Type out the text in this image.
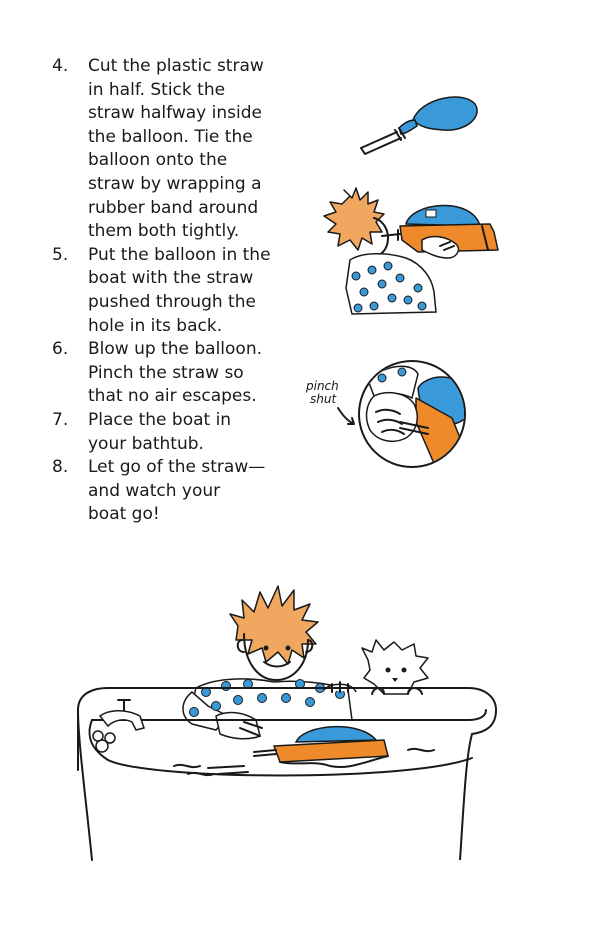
4.	Cut the plastic straw
in half. Stick the
straw halfway inside
the balloon. Tie the
balloon onto the
straw by wrapping a
rubber band around
them both tightly.
5.	Put the balloon in the
boat with the straw
pushed through the
hole in its back.
6.	Blow up the balloon.
Pinch the straw so
that no air escapes.
7.	Place the boat in
your bathtub.
8.	Let go of the straw—
and watch your
boat go!
pinch
shut
